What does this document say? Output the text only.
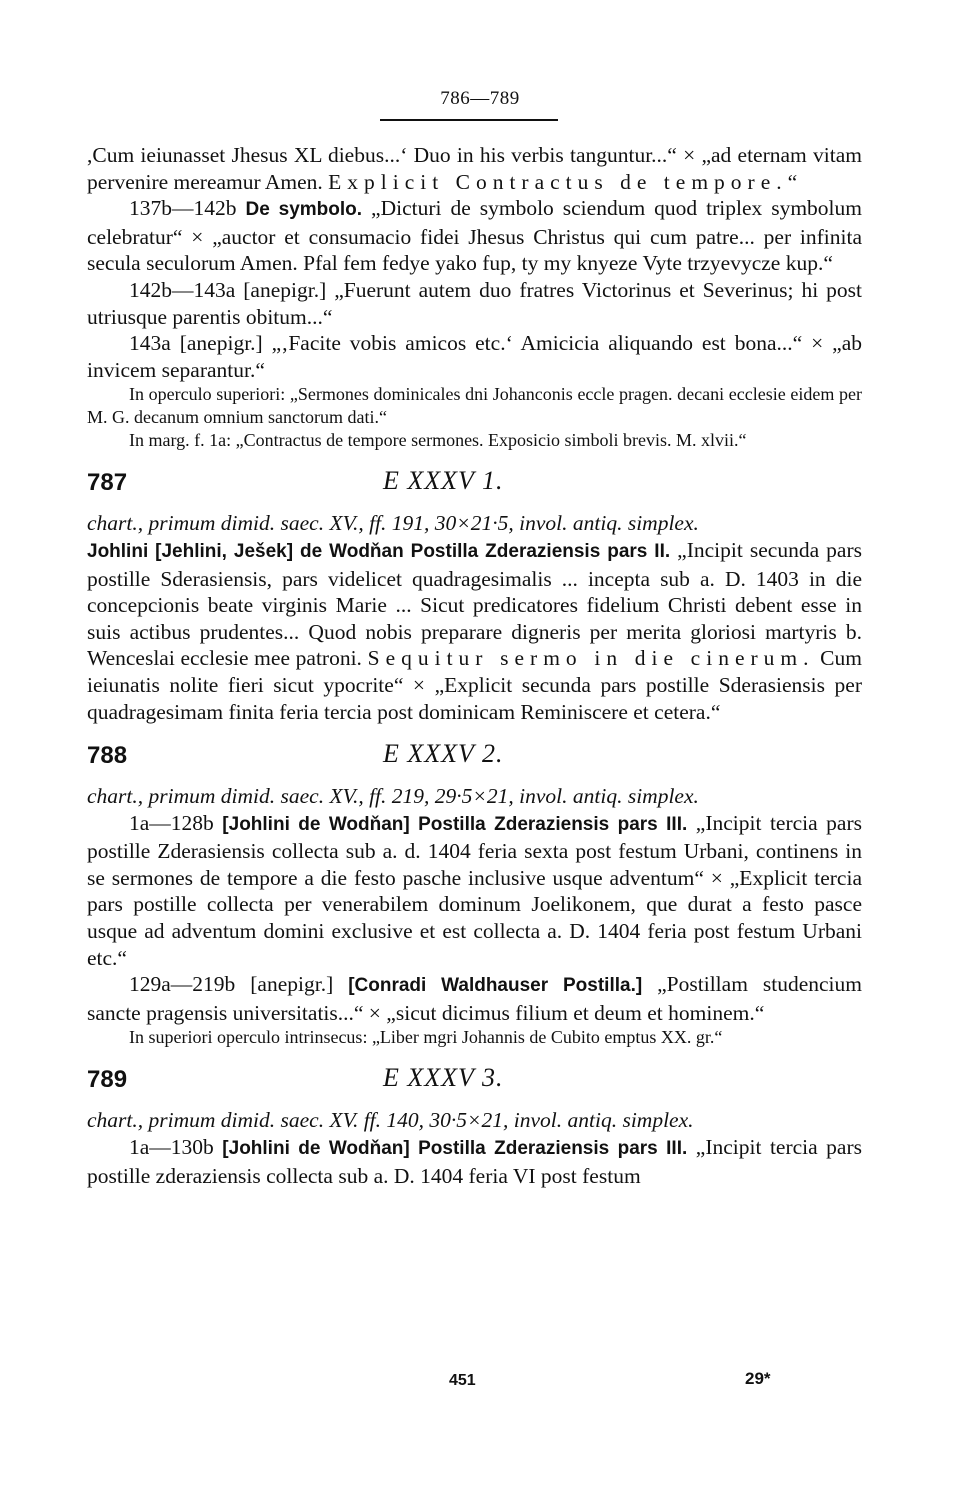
786—789

,Cum ieiunasset Jhesus XL diebus...‘ Duo in his verbis tanguntur...“ × „ad eternam vitam pervenire mereamur Amen. Explicit Contractus de tempore.“

137b—142b De symbolo. „Dicturi de symbolo sciendum quod triplex symbolum celebratur“ × „auctor et consumacio fidei Jhesus Christus qui cum patre... per infinita secula seculorum Amen. Pfal fem fedye yako fup, ty my knyeze Vyte trzyevycze kup.“

142b—143a [anepigr.] „Fuerunt autem duo fratres Victorinus et Severinus; hi post utriusque parentis obitum...“

143a [anepigr.] „‚Facite vobis amicos etc.‘ Amicicia aliquando est bona...“ × „ab invicem separantur.“

In operculo superiori: „Sermones dominicales dni Johanconis eccle pragen. decani ecclesie eidem per M. G. decanum omnium sanctorum dati.“

In marg. f. 1a: „Contractus de tempore sermones. Exposicio simboli brevis. M. xlvii.“

787	E XXXV 1.

chart., primum dimid. saec. XV., ff. 191, 30×21·5, invol. antiq. simplex.

Johlini [Jehlini, Ješek] de Wodňan Postilla Zderaziensis pars II. „Incipit secunda pars postille Sderasiensis, pars videlicet quadragesimalis ... incepta sub a. D. 1403 in die concepcionis beate virginis Marie ... Sicut predicatores fidelium Christi debent esse in suis actibus prudentes... Quod nobis preparare digneris per merita gloriosi martyris b. Wenceslai ecclesie mee patroni. Sequitur sermo in die cinerum. Cum ieiunatis nolite fieri sicut ypocrite“ × „Explicit secunda pars postille Sderasiensis per quadragesimam finita feria tercia post dominicam Reminiscere et cetera.“

788	E XXXV 2.

chart., primum dimid. saec. XV., ff. 219, 29·5×21, invol. antiq. simplex.

1a—128b [Johlini de Wodňan] Postilla Zderaziensis pars III. „Incipit tercia pars postille Zderasiensis collecta sub a. d. 1404 feria sexta post festum Urbani, continens in se sermones de tempore a die festo pasche inclusive usque adventum“ × „Explicit tercia pars postille collecta per venerabilem dominum Joelikonem, que durat a festo pasce usque ad adventum domini exclusive et est collecta a. D. 1404 feria post festum Urbani etc.“

129a—219b [anepigr.] [Conradi Waldhauser Postilla.] „Postillam studencium sancte pragensis universitatis...“ × „sicut dicimus filium et deum et hominem.“

In superiori operculo intrinsecus: „Liber mgri Johannis de Cubito emptus XX. gr.“

789	E XXXV 3.

chart., primum dimid. saec. XV. ff. 140, 30·5×21, invol. antiq. simplex.

1a—130b [Johlini de Wodňan] Postilla Zderaziensis pars III. „Incipit tercia pars postille zderaziensis collecta sub a. D. 1404 feria VI post festum

451	29*
